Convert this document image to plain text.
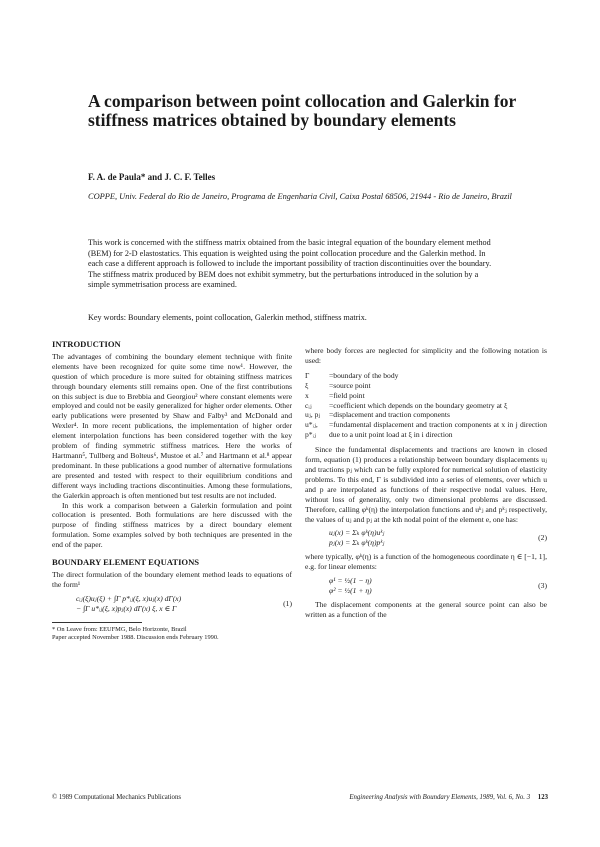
A comparison between point collocation and Galerkin for stiffness matrices obtained by boundary elements
F. A. de Paula* and J. C. F. Telles
COPPE, Univ. Federal do Rio de Janeiro, Programa de Engenharia Civil, Caixa Postal 68506, 21944 - Rio de Janeiro, Brazil
This work is concerned with the stiffness matrix obtained from the basic integral equation of the boundary element method (BEM) for 2-D elastostatics. This equation is weighted using the point collocation procedure and the Galerkin method. In each case a different approach is followed to include the important possibility of traction discontinuities over the boundary. The stiffness matrix produced by BEM does not exhibit symmetry, but the perturbations introduced in the solution by a simple symmetrisation process are examined.
Key words: Boundary elements, point collocation, Galerkin method, stiffness matrix.
INTRODUCTION

The advantages of combining the boundary element technique with finite elements have been recognized for quite some time now¹. However, the question of which procedure is more suited for obtaining stiffness matrices through boundary elements still remains open. One of the first contributions on this subject is due to Brebbia and Georgiou² where constant elements were employed and could not be easily generalized for higher order elements. Other early publications were presented by Shaw and Falby³ and McDonald and Wexler⁴. In more recent publications, the implementation of higher order element interpolation functions has been considered together with the key problem of finding symmetric stiffness matrices. Here the works of Hartmann⁵, Tullberg and Bolteus⁶, Mustoe et al.⁷ and Hartmann et al.⁸ appear predominant. In these publications a good number of alternative formulations are presented and tested with respect to their equilibrium conditions and different ways including tractions discontinuities. Among these formulations, the Galerkin approach is often mentioned but test results are not included.

In this work a comparison between a Galerkin formulation and point collocation is presented. Both formulations are here discussed with the purpose of finding stiffness matrices by a direct boundary element formulation. Some examples solved by both techniques are presented in the end of the paper.

BOUNDARY ELEMENT EQUATIONS

The direct formulation of the boundary element method leads to equations of the form¹

cᵢⱼ(ξ)uⱼ(ξ) + ∫Γ p*ᵢⱼ(ξ, x)uⱼ(x) dΓ(x)
− ∫Γ u*ᵢⱼ(ξ, x)pⱼ(x) dΓ(x) ξ, x ∈ Γ
(1)
* On Leave from: EEUFMG, Belo Horizonte, Brazil
Paper accepted November 1988. Discussion ends February 1990.

where body forces are neglected for simplicity and the following notation is used:

Γ	=boundary of the body
ξ	=source point
x	=field point
cᵢⱼ	=coefficient which depends on the boundary geometry at ξ
uⱼ, pⱼ	=displacement and traction components
u*ᵢⱼ, p*ᵢⱼ
=fundamental displacement and traction components at x in j direction due to a unit point load at ξ in i direction

Since the fundamental displacements and tractions are known in closed form, equation (1) produces a relationship between boundary displacements uⱼ and tractions pⱼ which can be fully explored for numerical solution of elasticity problems. To this end, Γ is subdivided into a series of elements, over which u and p are interpolated as functions of their respective nodal values. Here, without loss of generality, only two dimensional problems are discussed. Therefore, calling φᵏ(η) the interpolation functions and uᵏⱼ and pᵏⱼ respectively, the values of uⱼ and pⱼ at the kth nodal point of the element e, one has:

uⱼ(x) = Σₖ φᵏ(η)uᵏⱼ
pⱼ(x) = Σₖ φᵏ(η)pᵏⱼ
(2)

where typically, φᵏ(η) is a function of the homogeneous coordinate η ∈ [−1, 1], e.g. for linear elements:

φ¹ = ½(1 − η)
φ² = ½(1 + η)
(3)

The displacement components at the general source point can also be written as a function of the

© 1989 Computational Mechanics Publications	Engineering Analysis with Boundary Elements, 1989, Vol. 6, No. 3 123
